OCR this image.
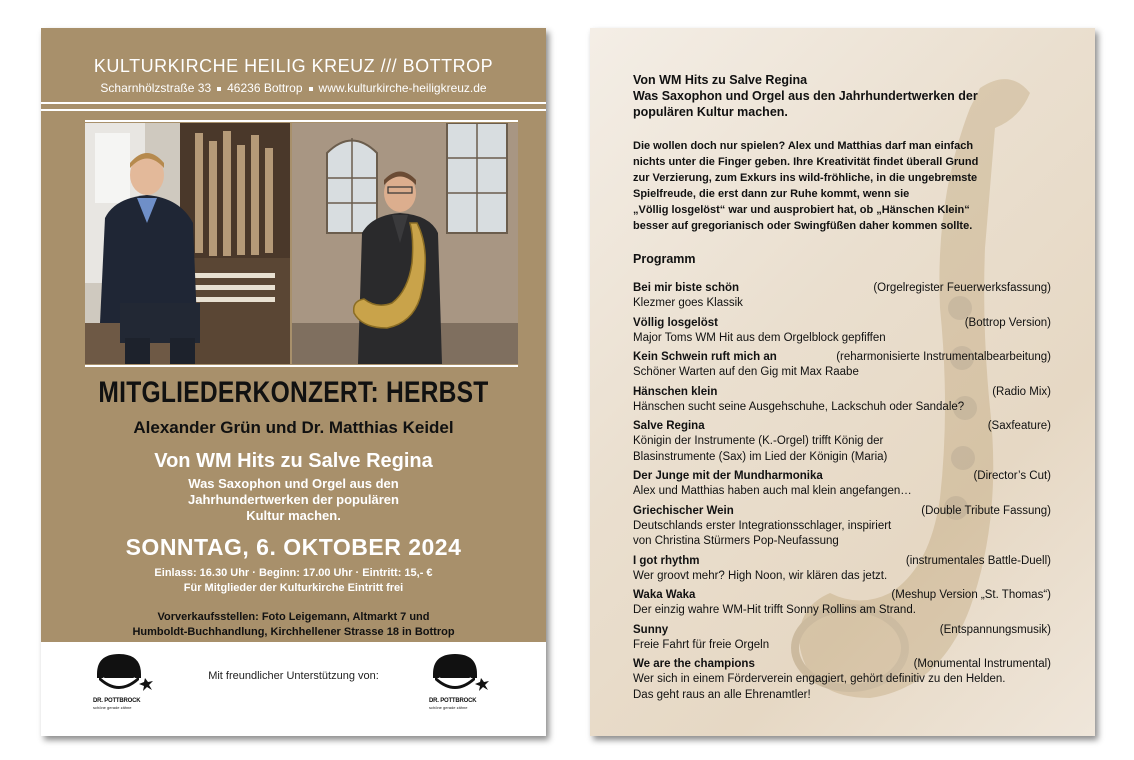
KULTURKIRCHE HEILIG KREUZ /// BOTTROP
Scharnhölzstraße 33 46236 Bottrop www.kulturkirche-heiligkreuz.de
MITGLIEDERKONZERT: HERBST
Alexander Grün und Dr. Matthias Keidel
Von WM Hits zu Salve Regina
Was Saxophon und Orgel aus den
Jahrhundertwerken der populären
Kultur machen.
SONNTAG, 6. OKTOBER 2024
Einlass: 16.30 Uhr · Beginn: 17.00 Uhr · Eintritt: 15,- €
Für Mitglieder der Kulturkirche Eintritt frei
Vorverkaufsstellen: Foto Leigemann, Altmarkt 7 und
Humboldt-Buchhandlung, Kirchhellener Strasse 18 in Bottrop
DR. POTTBROCK
schöne gerade zähne
Mit freundlicher Unterstützung von:
DR. POTTBROCK
schöne gerade zähne

Von WM Hits zu Salve Regina
Was Saxophon und Orgel aus den Jahrhundertwerken der
populären Kultur machen.

Die wollen doch nur spielen? Alex und Matthias darf man einfach
nichts unter die Finger geben. Ihre Kreativität findet überall Grund
zur Verzierung, zum Exkurs ins wild-fröhliche, in die ungebremste
Spielfreude, die erst dann zur Ruhe kommt, wenn sie
„Völlig losgelöst“ war und ausprobiert hat, ob „Hänschen Klein“
besser auf gregorianisch oder Swingfüßen daher kommen sollte.

Programm
Bei mir biste schön	(Orgelregister Feuerwerksfassung)
Klezmer goes Klassik
Völlig losgelöst	(Bottrop Version)
Major Toms WM Hit aus dem Orgelblock gepfiffen
Kein Schwein ruft mich an	(reharmonisierte Instrumentalbearbeitung)
Schöner Warten auf den Gig mit Max Raabe
Hänschen klein	(Radio Mix)
Hänschen sucht seine Ausgehschuhe, Lackschuh oder Sandale?
Salve Regina	(Saxfeature)
Königin der Instrumente (K.-Orgel) trifft König der
Blasinstrumente (Sax) im Lied der Königin (Maria)
Der Junge mit der Mundharmonika	(Director’s Cut)
Alex und Matthias haben auch mal klein angefangen…
Griechischer Wein	(Double Tribute Fassung)
Deutschlands erster Integrationsschlager, inspiriert
von Christina Stürmers Pop-Neufassung
I got rhythm	(instrumentales Battle-Duell)
Wer groovt mehr? High Noon, wir klären das jetzt.
Waka Waka	(Meshup Version „St. Thomas“)
Der einzig wahre WM-Hit trifft Sonny Rollins am Strand.
Sunny	(Entspannungsmusik)
Freie Fahrt für freie Orgeln
We are the champions	(Monumental Instrumental)
Wer sich in einem Förderverein engagiert, gehört definitiv zu den Helden.
Das geht raus an alle Ehrenamtler!
